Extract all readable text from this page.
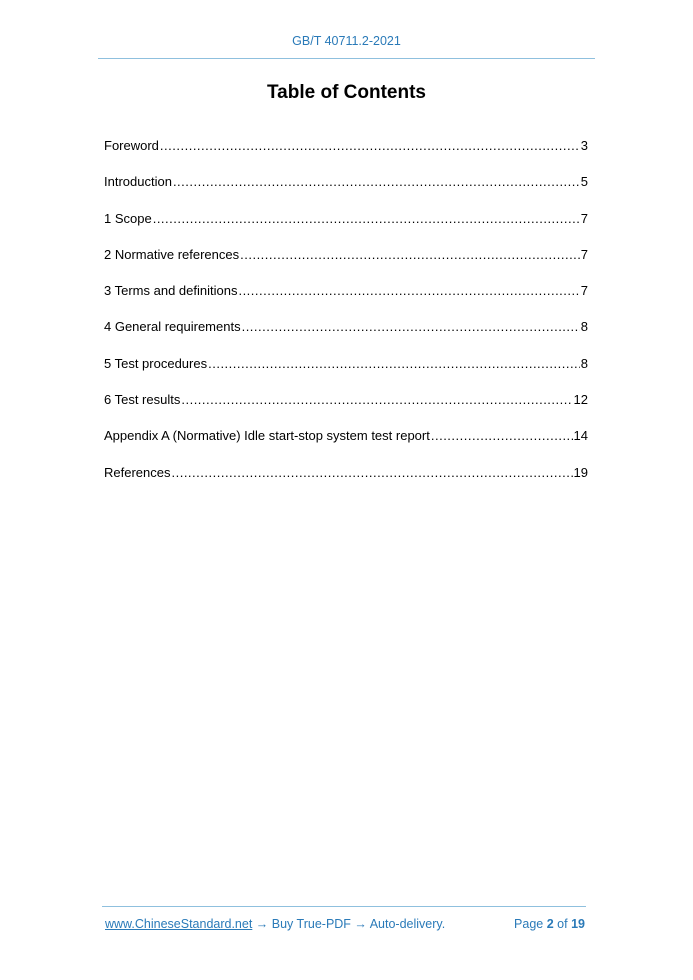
GB/T 40711.2-2021
Table of Contents
Foreword .....	3
Introduction .....	5
1 Scope .....	7
2 Normative references .....	7
3 Terms and definitions .....	7
4 General requirements .....	8
5 Test procedures .....	8
6 Test results .....	12
Appendix A (Normative) Idle start-stop system test report .....	14
References .....	19
www.ChineseStandard.net → Buy True-PDF → Auto-delivery.	Page 2 of 19
